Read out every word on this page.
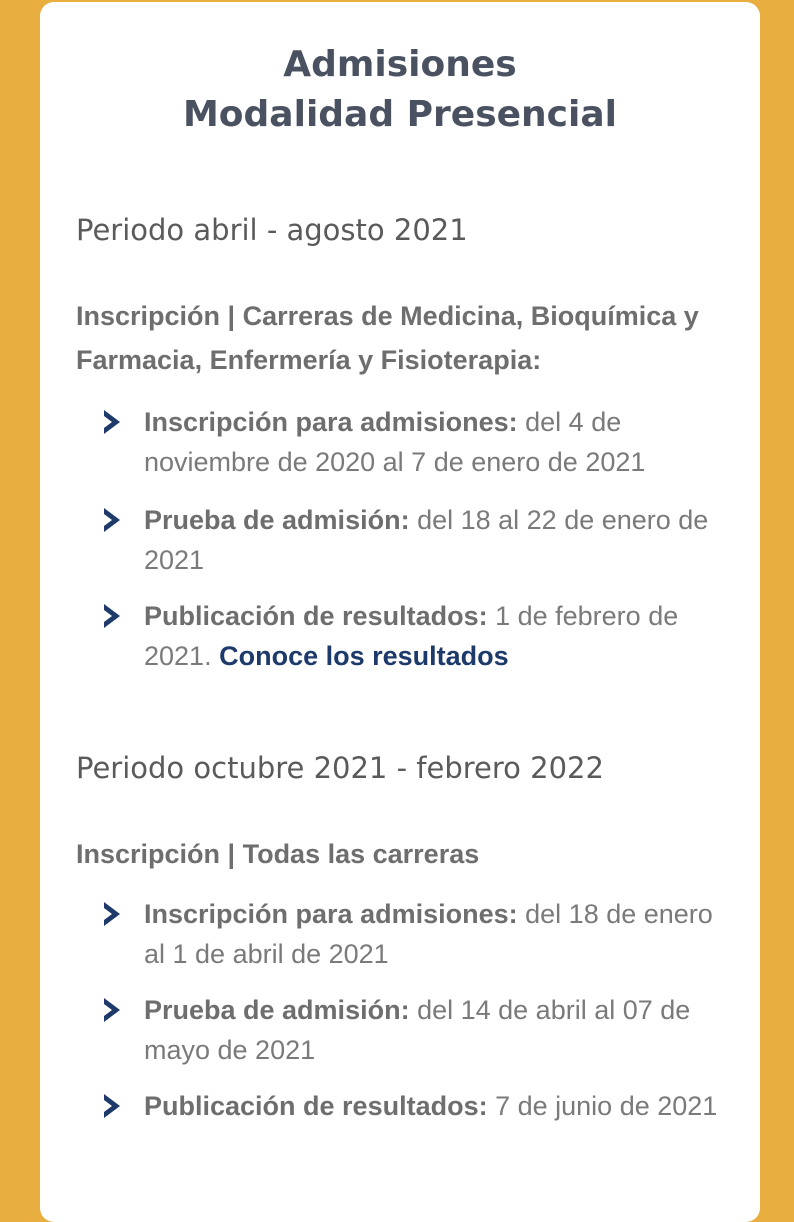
Admisiones
Modalidad Presencial
Periodo abril - agosto 2021
Inscripción | Carreras de Medicina, Bioquímica y Farmacia, Enfermería y Fisioterapia:
Inscripción para admisiones: del 4 de noviembre de 2020 al 7 de enero de 2021
Prueba de admisión: del 18 al 22 de enero de 2021
Publicación de resultados: 1 de febrero de 2021. Conoce los resultados
Periodo octubre 2021 - febrero 2022
Inscripción | Todas las carreras
Inscripción para admisiones: del 18 de enero al 1 de abril de 2021
Prueba de admisión: del 14 de abril al 07 de mayo de 2021
Publicación de resultados: 7 de junio de 2021
